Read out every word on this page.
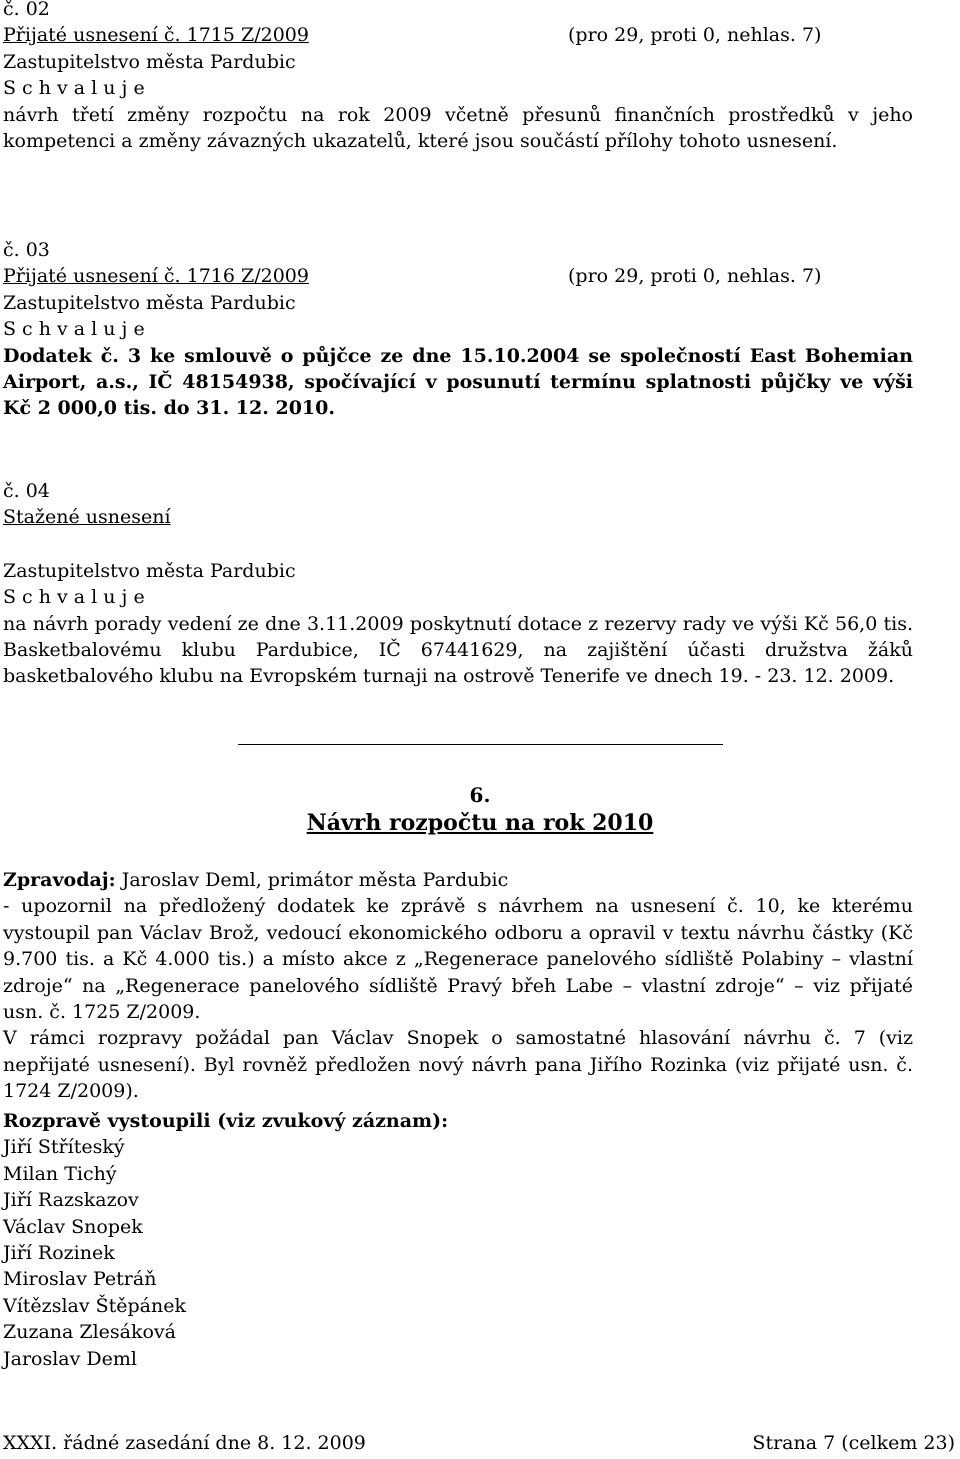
č. 02

Přijaté usnesení č. 1715 Z/2009	(pro 29, proti 0, nehlas. 7)

Zastupitelstvo města Pardubic

S c h v a l u j e

návrh třetí změny rozpočtu na rok 2009 včetně přesunů finančních prostředků v jeho kompetenci a změny závazných ukazatelů, které jsou součástí přílohy tohoto usnesení.

č. 03

Přijaté usnesení č. 1716 Z/2009	(pro 29, proti 0, nehlas. 7)

Zastupitelstvo města Pardubic

S c h v a l u j e

Dodatek č. 3 ke smlouvě o půjčce ze dne 15.10.2004 se společností East Bohemian Airport, a.s., IČ 48154938, spočívající v posunutí termínu splatnosti půjčky ve výši Kč 2 000,0 tis. do 31. 12. 2010.

č. 04

Stažené usnesení

Zastupitelstvo města Pardubic

S c h v a l u j e

na návrh porady vedení ze dne 3.11.2009 poskytnutí dotace z rezervy rady ve výši Kč 56,0 tis. Basketbalovému klubu Pardubice, IČ 67441629, na zajištění účasti družstva žáků basketbalového klubu na Evropském turnaji na ostrově Tenerife ve dnech 19. - 23. 12. 2009.

6.
Návrh rozpočtu na rok 2010

Zpravodaj: Jaroslav Deml, primátor města Pardubic

- upozornil na předložený dodatek ke zprávě s návrhem na usnesení č. 10, ke kterému vystoupil pan Václav Brož, vedoucí ekonomického odboru a opravil v textu návrhu částky (Kč 9.700 tis. a Kč 4.000 tis.) a místo akce z „Regenerace panelového sídliště Polabiny – vlastní zdroje“ na „Regenerace panelového sídliště Pravý břeh Labe – vlastní zdroje“ – viz přijaté usn. č. 1725 Z/2009.

V rámci rozpravy požádal pan Václav Snopek o samostatné hlasování návrhu č. 7 (viz nepřijaté usnesení). Byl rovněž předložen nový návrh pana Jiřího Rozinka (viz přijaté usn. č. 1724 Z/2009).

Rozpravě vystoupili (viz zvukový záznam):

Jiří Stříteský

Milan Tichý

Jiří Razskazov

Václav Snopek

Jiří Rozinek

Miroslav Petráň

Vítězslav Štěpánek

Zuzana Zlesáková

Jaroslav Deml

XXXI. řádné zasedání dne 8. 12. 2009	Strana 7 (celkem 23)
